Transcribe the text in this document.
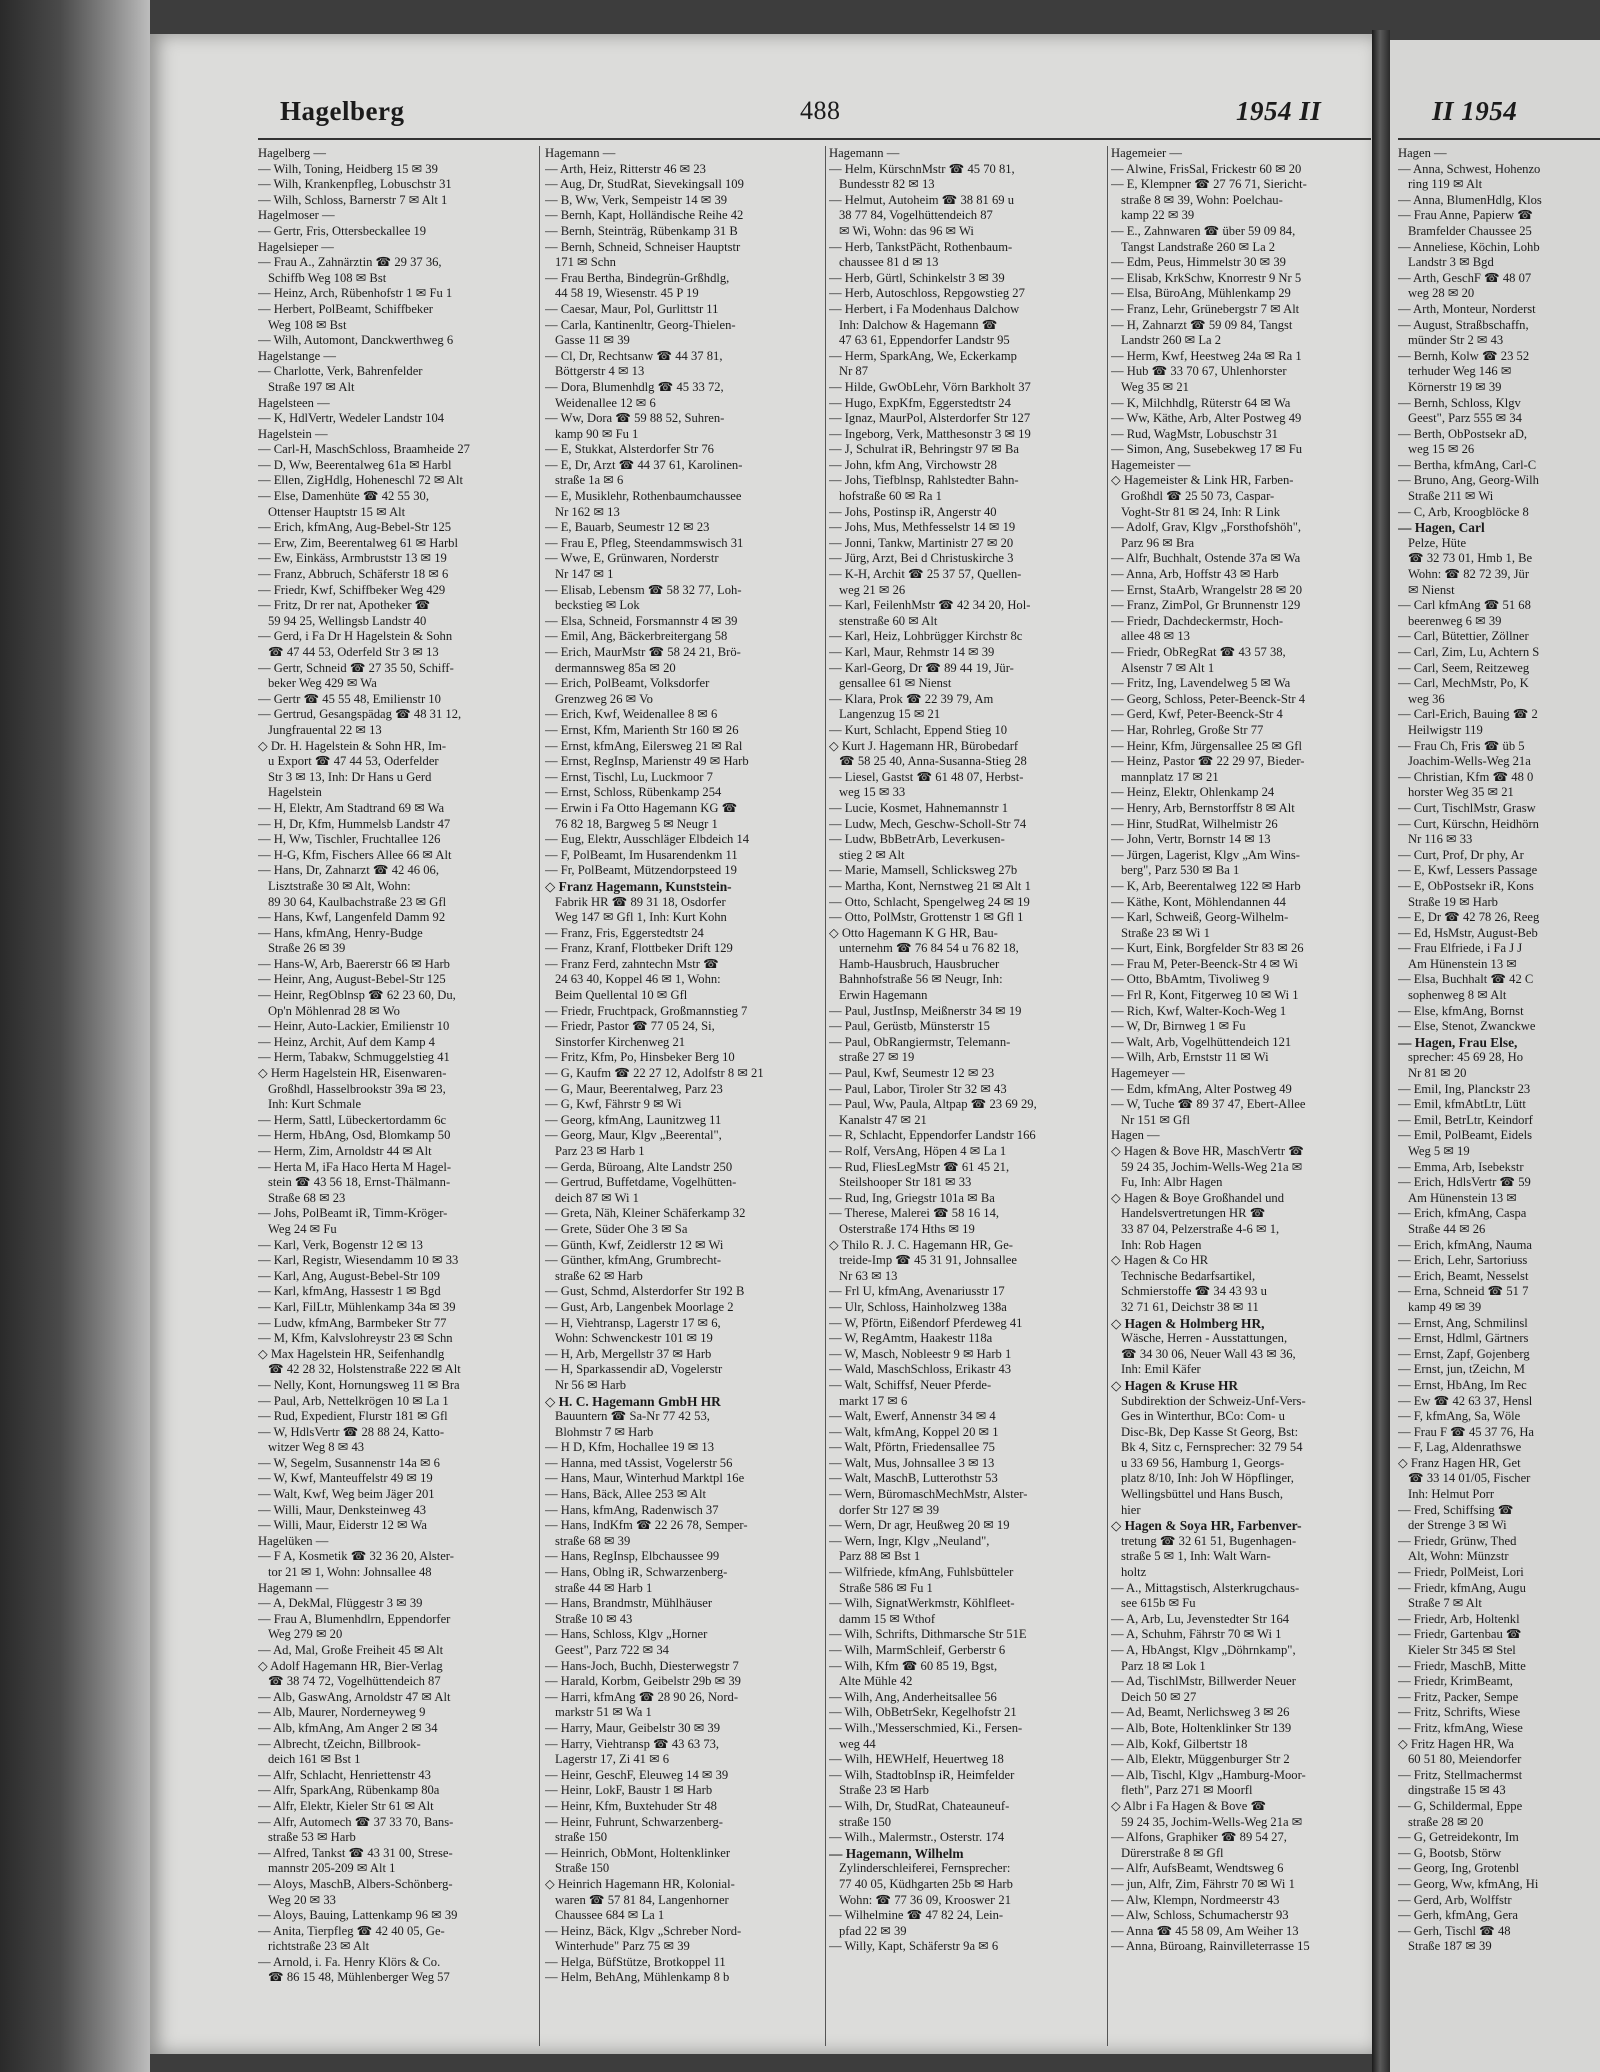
Hagelberg	488	1954 II	II 1954
Hagelberg —
— Wilh, Toning, Heidberg 15 ✉ 39
— Wilh, Krankenpfleg, Lobuschstr 31
— Wilh, Schloss, Barnerstr 7 ✉ Alt 1
Hagelmoser —
— Gertr, Fris, Ottersbeckallee 19
Hagelsieper —
— Frau A., Zahnärztin ☎ 29 37 36,
Schiffb Weg 108 ✉ Bst
— Heinz, Arch, Rübenhofstr 1 ✉ Fu 1
— Herbert, PolBeamt, Schiffbeker
Weg 108 ✉ Bst
— Wilh, Automont, Danckwerthweg 6
Hagelstange —
— Charlotte, Verk, Bahrenfelder
Straße 197 ✉ Alt
Hagelsteen —
— K, HdlVertr, Wedeler Landstr 104
Hagelstein —
— Carl-H, MaschSchloss, Braamheide 27
— D, Ww, Beerentalweg 61a ✉ Harbl
— Ellen, ZigHdlg, Hoheneschl 72 ✉ Alt
— Else, Damenhüte ☎ 42 55 30,
Ottenser Hauptstr 15 ✉ Alt
— Erich, kfmAng, Aug-Bebel-Str 125
— Erw, Zim, Beerentalweg 61 ✉ Harbl
— Ew, Einkäss, Armbruststr 13 ✉ 19
— Franz, Abbruch, Schäferstr 18 ✉ 6
— Friedr, Kwf, Schiffbeker Weg 429
— Fritz, Dr rer nat, Apotheker ☎
59 94 25, Wellingsb Landstr 40
— Gerd, i Fa Dr H Hagelstein & Sohn
☎ 47 44 53, Oderfeld Str 3 ✉ 13
— Gertr, Schneid ☎ 27 35 50, Schiff-
beker Weg 429 ✉ Wa
— Gertr ☎ 45 55 48, Emilienstr 10
— Gertrud, Gesangspädag ☎ 48 31 12,
Jungfrauental 22 ✉ 13
◇ Dr. H. Hagelstein & Sohn HR, Im-
u Export ☎ 47 44 53, Oderfelder
Str 3 ✉ 13, Inh: Dr Hans u Gerd
Hagelstein
— H, Elektr, Am Stadtrand 69 ✉ Wa
— H, Dr, Kfm, Hummelsb Landstr 47
— H, Ww, Tischler, Fruchtallee 126
— H-G, Kfm, Fischers Allee 66 ✉ Alt
— Hans, Dr, Zahnarzt ☎ 42 46 06,
Lisztstraße 30 ✉ Alt, Wohn:
89 30 64, Kaulbachstraße 23 ✉ Gfl
— Hans, Kwf, Langenfeld Damm 92
— Hans, kfmAng, Henry-Budge
Straße 26 ✉ 39
— Hans-W, Arb, Baererstr 66 ✉ Harb
— Heinr, Ang, August-Bebel-Str 125
— Heinr, RegOblnsp ☎ 62 23 60, Du,
Op'n Möhlenrad 28 ✉ Wo
— Heinr, Auto-Lackier, Emilienstr 10
— Heinz, Archit, Auf dem Kamp 4
— Herm, Tabakw, Schmuggelstieg 41
◇ Herm Hagelstein HR, Eisenwaren-
Großhdl, Hasselbrookstr 39a ✉ 23,
Inh: Kurt Schmale
— Herm, Sattl, Lübeckertordamm 6c
— Herm, HbAng, Osd, Blomkamp 50
— Herm, Zim, Arnoldstr 44 ✉ Alt
— Herta M, iFa Haco Herta M Hagel-
stein ☎ 43 56 18, Ernst-Thälmann-
Straße 68 ✉ 23
— Johs, PolBeamt iR, Timm-Kröger-
Weg 24 ✉ Fu
— Karl, Verk, Bogenstr 12 ✉ 13
— Karl, Registr, Wiesendamm 10 ✉ 33
— Karl, Ang, August-Bebel-Str 109
— Karl, kfmAng, Hassestr 1 ✉ Bgd
— Karl, FilLtr, Mühlenkamp 34a ✉ 39
— Ludw, kfmAng, Barmbeker Str 77
— M, Kfm, Kalvslohreystr 23 ✉ Schn
◇ Max Hagelstein HR, Seifenhandlg
☎ 42 28 32, Holstenstraße 222 ✉ Alt
— Nelly, Kont, Hornungsweg 11 ✉ Bra
— Paul, Arb, Nettelkrögen 10 ✉ La 1
— Rud, Expedient, Flurstr 181 ✉ Gfl
— W, HdlsVertr ☎ 28 88 24, Katto-
witzer Weg 8 ✉ 43
— W, Segelm, Susannenstr 14a ✉ 6
— W, Kwf, Manteuffelstr 49 ✉ 19
— Walt, Kwf, Weg beim Jäger 201
— Willi, Maur, Denksteinweg 43
— Willi, Maur, Eiderstr 12 ✉ Wa
Hagelüken —
— F A, Kosmetik ☎ 32 36 20, Alster-
tor 21 ✉ 1, Wohn: Johnsallee 48
Hagemann —
— A, DekMal, Flüggestr 3 ✉ 39
— Frau A, Blumenhdlrn, Eppendorfer
Weg 279 ✉ 20
— Ad, Mal, Große Freiheit 45 ✉ Alt
◇ Adolf Hagemann HR, Bier-Verlag
☎ 38 74 72, Vogelhüttendeich 87
— Alb, GaswAng, Arnoldstr 47 ✉ Alt
— Alb, Maurer, Norderneyweg 9
— Alb, kfmAng, Am Anger 2 ✉ 34
— Albrecht, tZeichn, Billbrook-
deich 161 ✉ Bst 1
— Alfr, Schlacht, Henriettenstr 43
— Alfr, SparkAng, Rübenkamp 80a
— Alfr, Elektr, Kieler Str 61 ✉ Alt
— Alfr, Automech ☎ 37 33 70, Bans-
straße 53 ✉ Harb
— Alfred, Tankst ☎ 43 31 00, Strese-
mannstr 205-209 ✉ Alt 1
— Aloys, MaschB, Albers-Schönberg-
Weg 20 ✉ 33
— Aloys, Bauing, Lattenkamp 96 ✉ 39
— Anita, Tierpfleg ☎ 42 40 05, Ge-
richtstraße 23 ✉ Alt
— Arnold, i. Fa. Henry Klörs & Co.
☎ 86 15 48, Mühlenberger Weg 57
Hagemann —
— Arth, Heiz, Ritterstr 46 ✉ 23
— Aug, Dr, StudRat, Sievekingsall 109
— B, Ww, Verk, Sempeistr 14 ✉ 39
— Bernh, Kapt, Holländische Reihe 42
— Bernh, Steinträg, Rübenkamp 31 B
— Bernh, Schneid, Schneiser Hauptstr
171 ✉ Schn
— Frau Bertha, Bindegrün-Grßhdlg,
44 58 19, Wiesenstr. 45 P 19
— Caesar, Maur, Pol, Gurlittstr 11
— Carla, Kantinenltr, Georg-Thielen-
Gasse 11 ✉ 39
— Cl, Dr, Rechtsanw ☎ 44 37 81,
Böttgerstr 4 ✉ 13
— Dora, Blumenhdlg ☎ 45 33 72,
Weidenallee 12 ✉ 6
— Ww, Dora ☎ 59 88 52, Suhren-
kamp 90 ✉ Fu 1
— E, Stukkat, Alsterdorfer Str 76
— E, Dr, Arzt ☎ 44 37 61, Karolinen-
straße 1a ✉ 6
— E, Musiklehr, Rothenbaumchaussee
Nr 162 ✉ 13
— E, Bauarb, Seumestr 12 ✉ 23
— Frau E, Pfleg, Steendammswisch 31
— Wwe, E, Grünwaren, Norderstr
Nr 147 ✉ 1
— Elisab, Lebensm ☎ 58 32 77, Loh-
beckstieg ✉ Lok
— Elsa, Schneid, Forsmannstr 4 ✉ 39
— Emil, Ang, Bäckerbreitergang 58
— Erich, MaurMstr ☎ 58 24 21, Brö-
dermannsweg 85a ✉ 20
— Erich, PolBeamt, Volksdorfer
Grenzweg 26 ✉ Vo
— Erich, Kwf, Weidenallee 8 ✉ 6
— Ernst, Kfm, Marienth Str 160 ✉ 26
— Ernst, kfmAng, Eilersweg 21 ✉ Ral
— Ernst, RegInsp, Marienstr 49 ✉ Harb
— Ernst, Tischl, Lu, Luckmoor 7
— Ernst, Schloss, Rübenkamp 254
— Erwin i Fa Otto Hagemann KG ☎
76 82 18, Bargweg 5 ✉ Neugr 1
— Eug, Elektr, Ausschläger Elbdeich 14
— F, PolBeamt, Im Husarendenkm 11
— Fr, PolBeamt, Mützendorpsteed 19
◇ Franz Hagemann, Kunststein-
Fabrik HR ☎ 89 31 18, Osdorfer
Weg 147 ✉ Gfl 1, Inh: Kurt Kohn
— Franz, Fris, Eggerstedtstr 24
— Franz, Kranf, Flottbeker Drift 129
— Franz Ferd, zahntechn Mstr ☎
24 63 40, Koppel 46 ✉ 1, Wohn:
Beim Quellental 10 ✉ Gfl
— Friedr, Fruchtpack, Großmannstieg 7
— Friedr, Pastor ☎ 77 05 24, Si,
Sinstorfer Kirchenweg 21
— Fritz, Kfm, Po, Hinsbeker Berg 10
— G, Kaufm ☎ 22 27 12, Adolfstr 8 ✉ 21
— G, Maur, Beerentalweg, Parz 23
— G, Kwf, Fährstr 9 ✉ Wi
— Georg, kfmAng, Launitzweg 11
— Georg, Maur, Klgv „Beerental",
Parz 23 ✉ Harb 1
— Gerda, Büroang, Alte Landstr 250
— Gertrud, Buffetdame, Vogelhütten-
deich 87 ✉ Wi 1
— Greta, Näh, Kleiner Schäferkamp 32
— Grete, Süder Ohe 3 ✉ Sa
— Günth, Kwf, Zeidlerstr 12 ✉ Wi
— Günther, kfmAng, Grumbrecht-
straße 62 ✉ Harb
— Gust, Schmd, Alsterdorfer Str 192 B
— Gust, Arb, Langenbek Moorlage 2
— H, Viehtransp, Lagerstr 17 ✉ 6,
Wohn: Schwenckestr 101 ✉ 19
— H, Arb, Mergellstr 37 ✉ Harb
— H, Sparkassendir aD, Vogelerstr
Nr 56 ✉ Harb
◇ H. C. Hagemann GmbH HR
Bauuntern ☎ Sa-Nr 77 42 53,
Blohmstr 7 ✉ Harb
— H D, Kfm, Hochallee 19 ✉ 13
— Hanna, med tAssist, Vogelerstr 56
— Hans, Maur, Winterhud Marktpl 16e
— Hans, Bäck, Allee 253 ✉ Alt
— Hans, kfmAng, Radenwisch 37
— Hans, IndKfm ☎ 22 26 78, Semper-
straße 68 ✉ 39
— Hans, RegInsp, Elbchaussee 99
— Hans, Oblng iR, Schwarzenberg-
straße 44 ✉ Harb 1
— Hans, Brandmstr, Mühlhäuser
Straße 10 ✉ 43
— Hans, Schloss, Klgv „Horner
Geest", Parz 722 ✉ 34
— Hans-Joch, Buchh, Diesterwegstr 7
— Harald, Korbm, Geibelstr 29b ✉ 39
— Harri, kfmAng ☎ 28 90 26, Nord-
markstr 51 ✉ Wa 1
— Harry, Maur, Geibelstr 30 ✉ 39
— Harry, Viehtransp ☎ 43 63 73,
Lagerstr 17, Zi 41 ✉ 6
— Heinr, GeschF, Eleuweg 14 ✉ 39
— Heinr, LokF, Baustr 1 ✉ Harb
— Heinr, Kfm, Buxtehuder Str 48
— Heinr, Fuhrunt, Schwarzenberg-
straße 150
— Heinrich, ObMont, Holtenklinker
Straße 150
◇ Heinrich Hagemann HR, Kolonial-
waren ☎ 57 81 84, Langenhorner
Chaussee 684 ✉ La 1
— Heinz, Bäck, Klgv „Schreber Nord-
Winterhude" Parz 75 ✉ 39
— Helga, BüfStütze, Brotkoppel 11
— Helm, BehAng, Mühlenkamp 8 b
Hagemann —
— Helm, KürschnMstr ☎ 45 70 81,
Bundesstr 82 ✉ 13
— Helmut, Autoheim ☎ 38 81 69 u
38 77 84, Vogelhüttendeich 87
✉ Wi, Wohn: das 96 ✉ Wi
— Herb, TankstPächt, Rothenbaum-
chaussee 81 d ✉ 13
— Herb, Gürtl, Schinkelstr 3 ✉ 39
— Herb, Autoschloss, Repgowstieg 27
— Herbert, i Fa Modenhaus Dalchow
Inh: Dalchow & Hagemann ☎
47 63 61, Eppendorfer Landstr 95
— Herm, SparkAng, We, Eckerkamp
Nr 87
— Hilde, GwObLehr, Vörn Barkholt 37
— Hugo, ExpKfm, Eggerstedtstr 24
— Ignaz, MaurPol, Alsterdorfer Str 127
— Ingeborg, Verk, Matthesonstr 3 ✉ 19
— J, Schulrat iR, Behringstr 97 ✉ Ba
— John, kfm Ang, Virchowstr 28
— Johs, Tiefblnsp, Rahlstedter Bahn-
hofstraße 60 ✉ Ra 1
— Johs, Postinsp iR, Angerstr 40
— Johs, Mus, Methfesselstr 14 ✉ 19
— Jonni, Tankw, Martinistr 27 ✉ 20
— Jürg, Arzt, Bei d Christuskirche 3
— K-H, Archit ☎ 25 37 57, Quellen-
weg 21 ✉ 26
— Karl, FeilenhMstr ☎ 42 34 20, Hol-
stenstraße 60 ✉ Alt
— Karl, Heiz, Lohbrügger Kirchstr 8c
— Karl, Maur, Rehmstr 14 ✉ 39
— Karl-Georg, Dr ☎ 89 44 19, Jür-
gensallee 61 ✉ Nienst
— Klara, Prok ☎ 22 39 79, Am
Langenzug 15 ✉ 21
— Kurt, Schlacht, Eppend Stieg 10
◇ Kurt J. Hagemann HR, Bürobedarf
☎ 58 25 40, Anna-Susanna-Stieg 28
— Liesel, Gastst ☎ 61 48 07, Herbst-
weg 15 ✉ 33
— Lucie, Kosmet, Hahnemannstr 1
— Ludw, Mech, Geschw-Scholl-Str 74
— Ludw, BbBetrArb, Leverkusen-
stieg 2 ✉ Alt
— Marie, Mamsell, Schlicksweg 27b
— Martha, Kont, Nernstweg 21 ✉ Alt 1
— Otto, Schlacht, Spengelweg 24 ✉ 19
— Otto, PolMstr, Grottenstr 1 ✉ Gfl 1
◇ Otto Hagemann K G HR, Bau-
unternehm ☎ 76 84 54 u 76 82 18,
Hamb-Hausbruch, Hausbrucher
Bahnhofstraße 56 ✉ Neugr, Inh:
Erwin Hagemann
— Paul, JustInsp, Meißnerstr 34 ✉ 19
— Paul, Gerüstb, Münsterstr 15
— Paul, ObRangiermstr, Telemann-
straße 27 ✉ 19
— Paul, Kwf, Seumestr 12 ✉ 23
— Paul, Labor, Tiroler Str 32 ✉ 43
— Paul, Ww, Paula, Altpap ☎ 23 69 29,
Kanalstr 47 ✉ 21
— R, Schlacht, Eppendorfer Landstr 166
— Rolf, VersAng, Höpen 4 ✉ La 1
— Rud, FliesLegMstr ☎ 61 45 21,
Steilshooper Str 181 ✉ 33
— Rud, Ing, Griegstr 101a ✉ Ba
— Therese, Malerei ☎ 58 16 14,
Osterstraße 174 Hths ✉ 19
◇ Thilo R. J. C. Hagemann HR, Ge-
treide-Imp ☎ 45 31 91, Johnsallee
Nr 63 ✉ 13
— Frl U, kfmAng, Avenariusstr 17
— Ulr, Schloss, Hainholzweg 138a
— W, Pförtn, Eißendorf Pferdeweg 41
— W, RegAmtm, Haakestr 118a
— W, Masch, Nobleestr 9 ✉ Harb 1
— Wald, MaschSchloss, Erikastr 43
— Walt, Schiffsf, Neuer Pferde-
markt 17 ✉ 6
— Walt, Ewerf, Annenstr 34 ✉ 4
— Walt, kfmAng, Koppel 20 ✉ 1
— Walt, Pförtn, Friedensallee 75
— Walt, Mus, Johnsallee 3 ✉ 13
— Walt, MaschB, Lutterothstr 53
— Wern, BüromaschMechMstr, Alster-
dorfer Str 127 ✉ 39
— Wern, Dr agr, Heußweg 20 ✉ 19
— Wern, Ingr, Klgv „Neuland",
Parz 88 ✉ Bst 1
— Wilfriede, kfmAng, Fuhlsbütteler
Straße 586 ✉ Fu 1
— Wilh, SignatWerkmstr, Köhlfleet-
damm 15 ✉ Wthof
— Wilh, Schrifts, Dithmarsche Str 51E
— Wilh, MarmSchleif, Gerberstr 6
— Wilh, Kfm ☎ 60 85 19, Bgst,
Alte Mühle 42
— Wilh, Ang, Anderheitsallee 56
— Wilh, ObBetrSekr, Kegelhofstr 21
— Wilh.,'Messerschmied, Ki., Fersen-
weg 44
— Wilh, HEWHelf, Heuertweg 18
— Wilh, StadtobInsp iR, Heimfelder
Straße 23 ✉ Harb
— Wilh, Dr, StudRat, Chateauneuf-
straße 150
— Wilh., Malermstr., Osterstr. 174
— Hagemann, Wilhelm
Zylinderschleiferei, Fernsprecher:
77 40 05, Küdhgarten 25b ✉ Harb
Wohn: ☎ 77 36 09, Krooswег 21
— Wilhelmine ☎ 47 82 24, Lein-
pfad 22 ✉ 39
— Willy, Kapt, Schäferstr 9a ✉ 6
Hagemeier —
— Alwine, FrisSal, Frickestr 60 ✉ 20
— E, Klempner ☎ 27 76 71, Siericht-
straße 8 ✉ 39, Wohn: Poelchau-
kamp 22 ✉ 39
— E., Zahnwaren ☎ über 59 09 84,
Tangst Landstraße 260 ✉ La 2
— Edm, Peus, Himmelstr 30 ✉ 39
— Elisab, KrkSchw, Knorrestr 9 Nr 5
— Elsa, BüroAng, Mühlenkamp 29
— Franz, Lehr, Grünebergstr 7 ✉ Alt
— H, Zahnarzt ☎ 59 09 84, Tangst
Landstr 260 ✉ La 2
— Herm, Kwf, Heestweg 24a ✉ Ra 1
— Hub ☎ 33 70 67, Uhlenhorster
Weg 35 ✉ 21
— K, Milchhdlg, Rüterstr 64 ✉ Wa
— Ww, Käthe, Arb, Alter Postweg 49
— Rud, WagMstr, Lobuschstr 31
— Simon, Ang, Susebekweg 17 ✉ Fu
Hagemeister —
◇ Hagemeister & Link HR, Farben-
Großhdl ☎ 25 50 73, Caspar-
Voght-Str 81 ✉ 24, Inh: R Link
— Adolf, Grav, Klgv „Forsthofshöh",
Parz 96 ✉ Bra
— Alfr, Buchhalt, Ostende 37a ✉ Wa
— Anna, Arb, Hoffstr 43 ✉ Harb
— Ernst, StaArb, Wrangelstr 28 ✉ 20
— Franz, ZimPol, Gr Brunnenstr 129
— Friedr, Dachdeckermstr, Hoch-
allee 48 ✉ 13
— Friedr, ObRegRat ☎ 43 57 38,
Alsenstr 7 ✉ Alt 1
— Fritz, Ing, Lavendelweg 5 ✉ Wa
— Georg, Schloss, Peter-Beenck-Str 4
— Gerd, Kwf, Peter-Beenck-Str 4
— Har, Rohrleg, Große Str 77
— Heinr, Kfm, Jürgensallee 25 ✉ Gfl
— Heinz, Pastor ☎ 22 29 97, Bieder-
mannplatz 17 ✉ 21
— Heinz, Elektr, Ohlenkamp 24
— Henry, Arb, Bernstorffstr 8 ✉ Alt
— Hinr, StudRat, Wilhelmistr 26
— John, Vertr, Bornstr 14 ✉ 13
— Jürgen, Lagerist, Klgv „Am Wins-
berg", Parz 530 ✉ Ba 1
— K, Arb, Beerentalweg 122 ✉ Harb
— Käthe, Kont, Möhlendannen 44
— Karl, Schweiß, Georg-Wilhelm-
Straße 23 ✉ Wi 1
— Kurt, Eink, Borgfelder Str 83 ✉ 26
— Frau M, Peter-Beenck-Str 4 ✉ Wi
— Otto, BbAmtm, Tivoliweg 9
— Frl R, Kont, Fitgerweg 10 ✉ Wi 1
— Rich, Kwf, Walter-Koch-Weg 1
— W, Dr, Birnweg 1 ✉ Fu
— Walt, Arb, Vogelhüttendeich 121
— Wilh, Arb, Ernststr 11 ✉ Wi
Hagemeyer —
— Edm, kfmAng, Alter Postweg 49
— W, Tuche ☎ 89 37 47, Ebert-Allee
Nr 151 ✉ Gfl
Hagen —
◇ Hagen & Bove HR, MaschVertr ☎
59 24 35, Jochim-Wells-Weg 21a ✉
Fu, Inh: Albr Hagen
◇ Hagen & Boye Großhandel und
Handelsvertretungen HR ☎
33 87 04, Pelzerstraße 4-6 ✉ 1,
Inh: Rob Hagen
◇ Hagen & Co HR
Technische Bedarfsartikel,
Schmierstoffe ☎ 34 43 93 u
32 71 61, Deichstr 38 ✉ 11
◇ Hagen & Holmberg HR,
Wäsche, Herren - Ausstattungen,
☎ 34 30 06, Neuer Wall 43 ✉ 36,
Inh: Emil Käfer
◇ Hagen & Kruse HR
Subdirektion der Schweiz-Unf-Vers-
Ges in Winterthur, BCo: Com- u
Disc-Bk, Dep Kasse St Georg, Bst:
Bk 4, Sitz c, Fernsprecher: 32 79 54
u 33 69 56, Hamburg 1, Georgs-
platz 8/10, Inh: Joh W Höpflinger,
Wellingsbüttel und Hans Busch,
hier
◇ Hagen & Soya HR, Farbenver-
tretung ☎ 32 61 51, Bugenhagen-
straße 5 ✉ 1, Inh: Walt Warn-
holtz
— A., Mittagstisch, Alsterkrugchaus-
see 615b ✉ Fu
— A, Arb, Lu, Jevenstedter Str 164
— A, Schuhm, Fährstr 70 ✉ Wi 1
— A, HbAngst, Klgv „Döhrnkamp",
Parz 18 ✉ Lok 1
— Ad, TischlMstr, Billwerder Neuer
Deich 50 ✉ 27
— Ad, Beamt, Nerlichsweg 3 ✉ 26
— Alb, Bote, Holtenklinker Str 139
— Alb, Kokf, Gilbertstr 18
— Alb, Elektr, Müggenburger Str 2
— Alb, Tischl, Klgv „Hamburg-Moor-
fleth", Parz 271 ✉ Moorfl
◇ Albr i Fa Hagen & Bove ☎
59 24 35, Jochim-Wells-Weg 21a ✉
— Alfons, Graphiker ☎ 89 54 27,
Dürerstraße 8 ✉ Gfl
— Alfr, AufsBeamt, Wendtsweg 6
— jun, Alfr, Zim, Fährstr 70 ✉ Wi 1
— Alw, Klempn, Nordmeerstr 43
— Alw, Schloss, Schumacherstr 93
— Anna ☎ 45 58 09, Am Weiher 13
— Anna, Büroang, Rainvilleterrasse 15
Hagen —
— Anna, Schwest, Hohenzo
ring 119 ✉ Alt
— Anna, BlumenHdlg, Klos
— Frau Anne, Papierw ☎
Bramfelder Chaussee 25
— Anneliese, Köchin, Lohb
Landstr 3 ✉ Bgd
— Arth, GeschF ☎ 48 07
weg 28 ✉ 20
— Arth, Monteur, Norderst
— August, Straßbschaffn,
münder Str 2 ✉ 43
— Bernh, Kolw ☎ 23 52
terhuder Weg 146 ✉
Körnerstr 19 ✉ 39
— Bernh, Schloss, Klgv
Geest", Parz 555 ✉ 34
— Berth, ObPostsekr aD,
weg 15 ✉ 26
— Bertha, kfmAng, Carl-C
— Bruno, Ang, Georg-Wilh
Straße 211 ✉ Wi
— C, Arb, Kroogblöcke 8
— Hagen, Carl
Pelze, Hüte
☎ 32 73 01, Hmb 1, Be
Wohn: ☎ 82 72 39, Jür
✉ Nienst
— Carl kfmAng ☎ 51 68
beerenweg 6 ✉ 39
— Carl, Bütettier, Zöllner
— Carl, Zim, Lu, Achtern S
— Carl, Seem, Reitzeweg
— Carl, MechMstr, Po, K
weg 36
— Carl-Erich, Bauing ☎ 2
Heilwigstr 119
— Frau Ch, Fris ☎ üb 5
Joachim-Wells-Weg 21a
— Christian, Kfm ☎ 48 0
horster Weg 35 ✉ 21
— Curt, TischlMstr, Grasw
— Curt, Kürschn, Heidhörn
Nr 116 ✉ 33
— Curt, Prof, Dr phy, Ar
— E, Kwf, Lessers Passage
— E, ObPostsekr iR, Kons
Straße 19 ✉ Harb
— E, Dr ☎ 42 78 26, Reeg
— Ed, HsMstr, August-Beb
— Frau Elfriede, i Fa J J
Am Hünenstein 13 ✉
— Elsa, Buchhalt ☎ 42 C
sophenweg 8 ✉ Alt
— Else, kfmAng, Bornst
— Else, Stenot, Zwanckwe
— Hagen, Frau Else,
sprecher: 45 69 28, Ho
Nr 81 ✉ 20
— Emil, Ing, Planckstr 23
— Emil, kfmAbtLtr, Lütt
— Emil, BetrLtr, Keindorf
— Emil, PolBeamt, Eidels
Weg 5 ✉ 19
— Emma, Arb, Isebekstr
— Erich, HdlsVertr ☎ 59
Am Hünenstein 13 ✉
— Erich, kfmAng, Caspa
Straße 44 ✉ 26
— Erich, kfmAng, Nauma
— Erich, Lehr, Sartoriuss
— Erich, Beamt, Nesselst
— Erna, Schneid ☎ 51 7
kamp 49 ✉ 39
— Ernst, Ang, Schmilinsl
— Ernst, Hdlml, Gärtners
— Ernst, Zapf, Gojenberg
— Ernst, jun, tZeichn, M
— Ernst, HbAng, Im Rec
— Ew ☎ 42 63 37, Hensl
— F, kfmAng, Sa, Wöle
— Frau F ☎ 45 37 76, Ha
— F, Lag, Aldenrathswe
◇ Franz Hagen HR, Get
☎ 33 14 01/05, Fischer
Inh: Helmut Porr
— Fred, Schiffsing ☎
der Strenge 3 ✉ Wi
— Friedr, Grünw, Thed
Alt, Wohn: Münzstr
— Friedr, PolMeist, Lori
— Friedr, kfmAng, Augu
Straße 7 ✉ Alt
— Friedr, Arb, Holtenkl
— Friedr, Gartenbau ☎
Kieler Str 345 ✉ Stel
— Friedr, MaschB, Mitte
— Friedr, KrimBeamt,
— Fritz, Packer, Sempe
— Fritz, Schrifts, Wiese
— Fritz, kfmAng, Wiese
◇ Fritz Hagen HR, Wa
60 51 80, Meiendorfer
— Fritz, Stellmachermst
dingstraße 15 ✉ 43
— G, Schildermal, Eppe
straße 28 ✉ 20
— G, Getreidekontr, Im
— G, Bootsb, Störw
— Georg, Ing, Grotenbl
— Georg, Ww, kfmAng, Hi
— Gerd, Arb, Wolffstr
— Gerh, kfmAng, Gera
— Gerh, Tischl ☎ 48
Straße 187 ✉ 39
